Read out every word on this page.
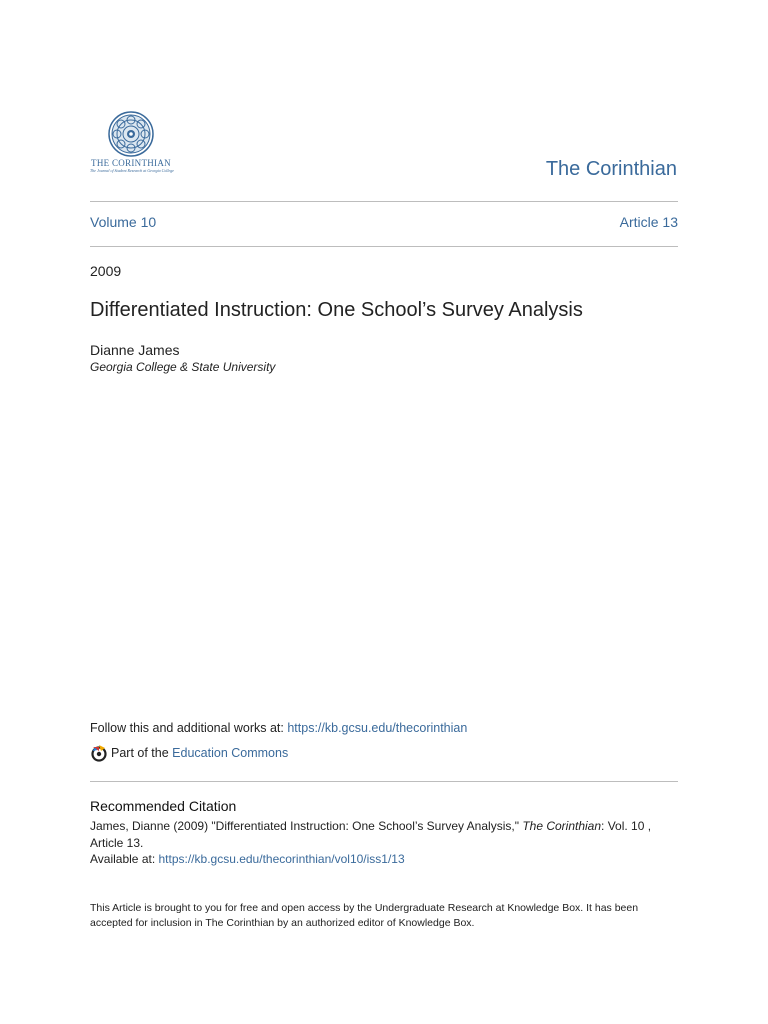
THE CORINTHIAN
The Journal of Student Research at Georgia College	The Corinthian
Volume 10	Article 13
2009
Differentiated Instruction: One School’s Survey Analysis
Dianne James
Georgia College & State University
Follow this and additional works at: https://kb.gcsu.edu/thecorinthian
Part of the
Education Commons
Recommended Citation
James, Dianne (2009) "Differentiated Instruction: One School’s Survey Analysis," The Corinthian: Vol. 10 , Article 13.
Available at: https://kb.gcsu.edu/thecorinthian/vol10/iss1/13
This Article is brought to you for free and open access by the Undergraduate Research at Knowledge Box. It has been accepted for inclusion in The Corinthian by an authorized editor of Knowledge Box.
